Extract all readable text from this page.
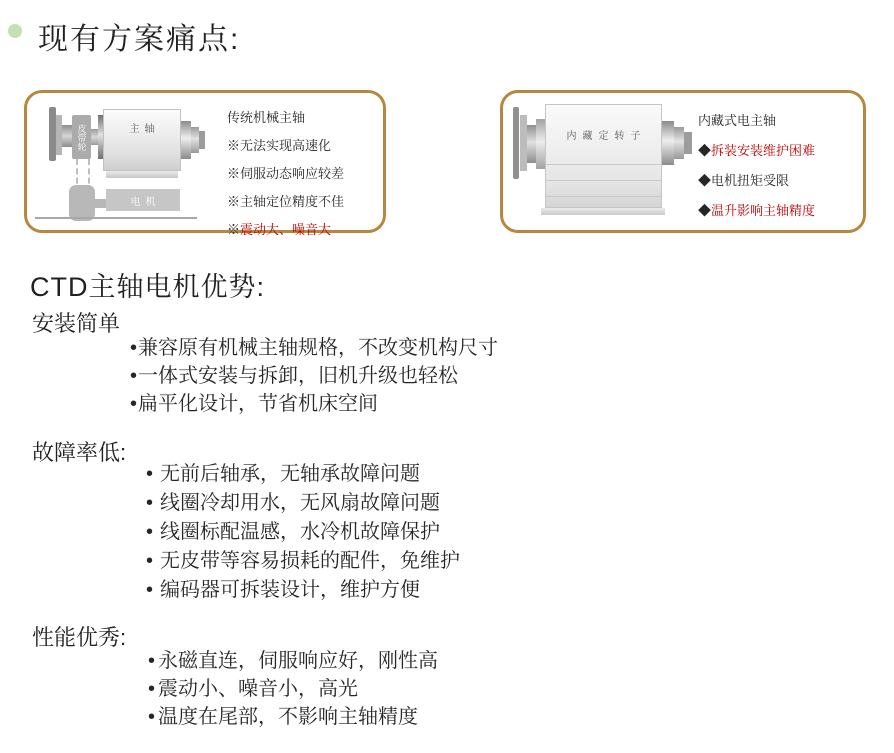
现有方案痛点:
皮带轮	主轴
电机
传统机械主轴
※无法实现高速化
※伺服动态响应较差
※主轴定位精度不佳
※震动大、噪音大
内藏定转子
内藏式电主轴
◆拆装安装维护困难
◆电机扭矩受限
◆温升影响主轴精度
CTD主轴电机优势:
安装简单
•兼容原有机械主轴规格，不改变机构尺寸
•一体式安装与拆卸，旧机升级也轻松
•扁平化设计，节省机床空间
故障率低:
• 无前后轴承，无轴承故障问题
• 线圈冷却用水，无风扇故障问题
• 线圈标配温感，水冷机故障保护
• 无皮带等容易损耗的配件，免维护
• 编码器可拆装设计，维护方便
性能优秀:
• 永磁直连，伺服响应好，刚性高
• 震动小、噪音小，高光
• 温度在尾部，不影响主轴精度
